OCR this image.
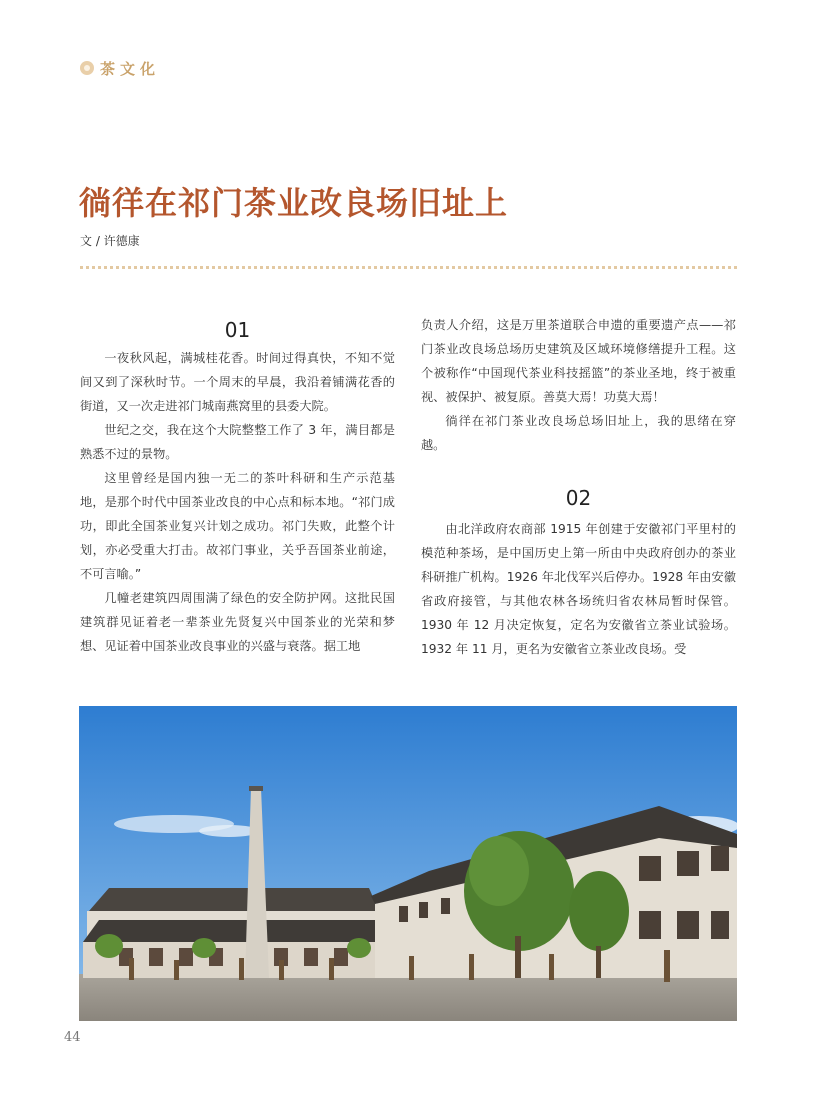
茶文化
徜徉在祁门茶业改良场旧址上
文 / 许德康
01

一夜秋风起，满城桂花香。时间过得真快，不知不觉间又到了深秋时节。一个周末的早晨，我沿着铺满花香的街道，又一次走进祁门城南燕窝里的县委大院。

世纪之交，我在这个大院整整工作了 3 年，满目都是熟悉不过的景物。

这里曾经是国内独一无二的茶叶科研和生产示范基地，是那个时代中国茶业改良的中心点和标本地。“祁门成功，即此全国茶业复兴计划之成功。祁门失败，此整个计划，亦必受重大打击。故祁门事业，关乎吾国茶业前途，不可言喻。”

几幢老建筑四周围满了绿色的安全防护网。这批民国建筑群见证着老一辈茶业先贤复兴中国茶业的光荣和梦想、见证着中国茶业改良事业的兴盛与衰落。据工地

负责人介绍，这是万里茶道联合申遗的重要遗产点——祁门茶业改良场总场历史建筑及区域环境修缮提升工程。这个被称作“中国现代茶业科技摇篮”的茶业圣地，终于被重视、被保护、被复原。善莫大焉！功莫大焉！

徜徉在祁门茶业改良场总场旧址上，我的思绪在穿越。

02

由北洋政府农商部 1915 年创建于安徽祁门平里村的模范种茶场，是中国历史上第一所由中央政府创办的茶业科研推广机构。1926 年北伐军兴后停办。1928 年由安徽省政府接管，与其他农林各场统归省农林局暂时保管。1930 年 12 月决定恢复，定名为安徽省立茶业试验场。1932 年 11 月，更名为安徽省立茶业改良场。受

44
